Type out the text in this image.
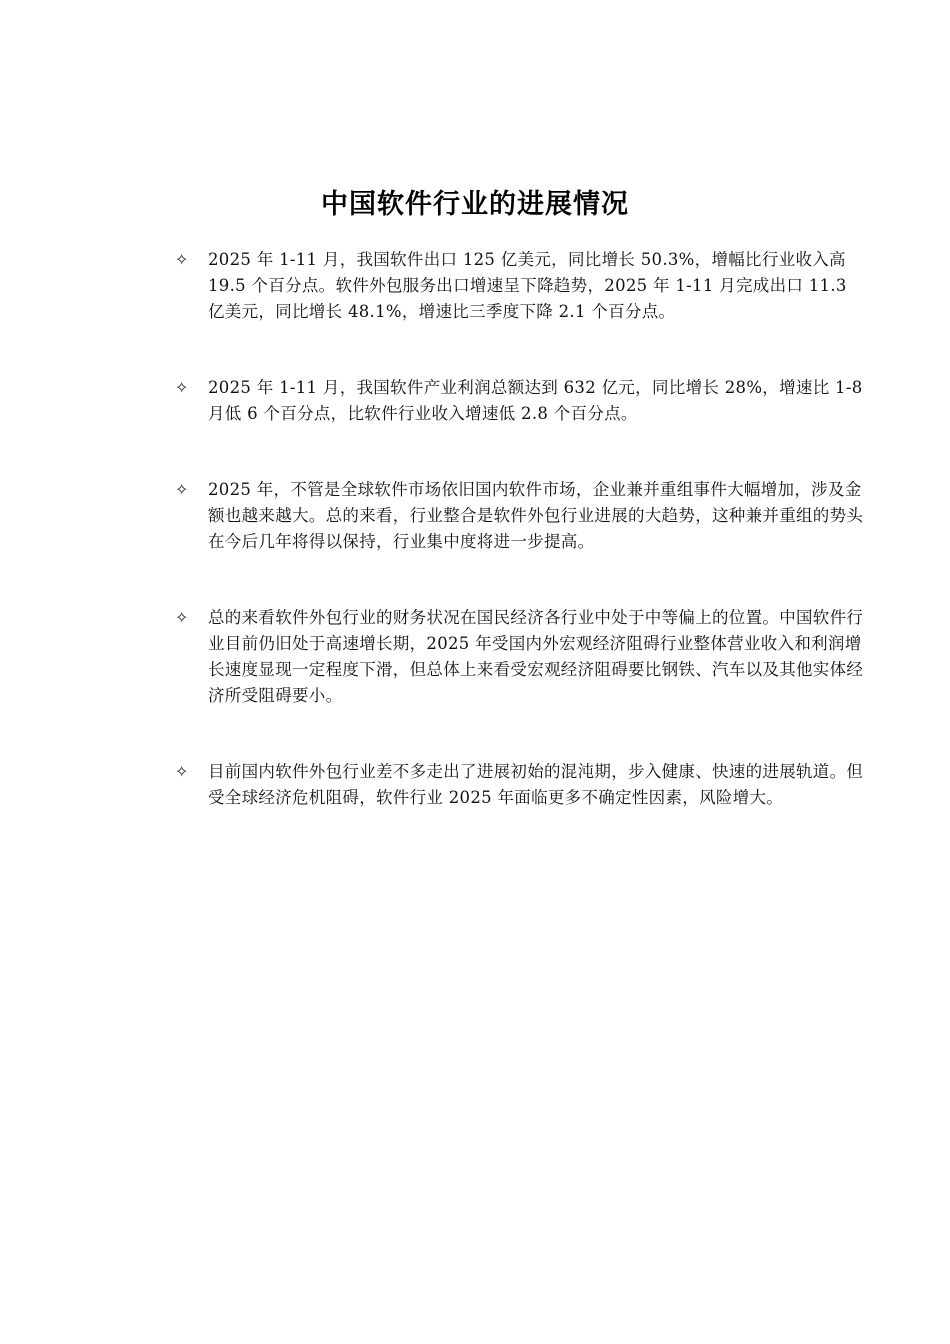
中国软件行业的进展情况
✧	2025 年 1-11 月，我国软件出口 125 亿美元，同比增长 50.3%，增幅比行业收入高 19.5 个百分点。软件外包服务出口增速呈下降趋势，2025 年 1-11 月完成出口 11.3 亿美元，同比增长 48.1%，增速比三季度下降 2.1 个百分点。
✧	2025 年 1-11 月，我国软件产业利润总额达到 632 亿元，同比增长 28%，增速比 1-8 月低 6 个百分点，比软件行业收入增速低 2.8 个百分点。
✧	2025 年，不管是全球软件市场依旧国内软件市场，企业兼并重组事件大幅增加，涉及金额也越来越大。总的来看，行业整合是软件外包行业进展的大趋势，这种兼并重组的势头在今后几年将得以保持，行业集中度将进一步提高。
✧	总的来看软件外包行业的财务状况在国民经济各行业中处于中等偏上的位置。中国软件行业目前仍旧处于高速增长期，2025 年受国内外宏观经济阻碍行业整体营业收入和利润增长速度显现一定程度下滑，但总体上来看受宏观经济阻碍要比钢铁、汽车以及其他实体经济所受阻碍要小。
✧	目前国内软件外包行业差不多走出了进展初始的混沌期，步入健康、快速的进展轨道。但受全球经济危机阻碍，软件行业 2025 年面临更多不确定性因素，风险增大。
